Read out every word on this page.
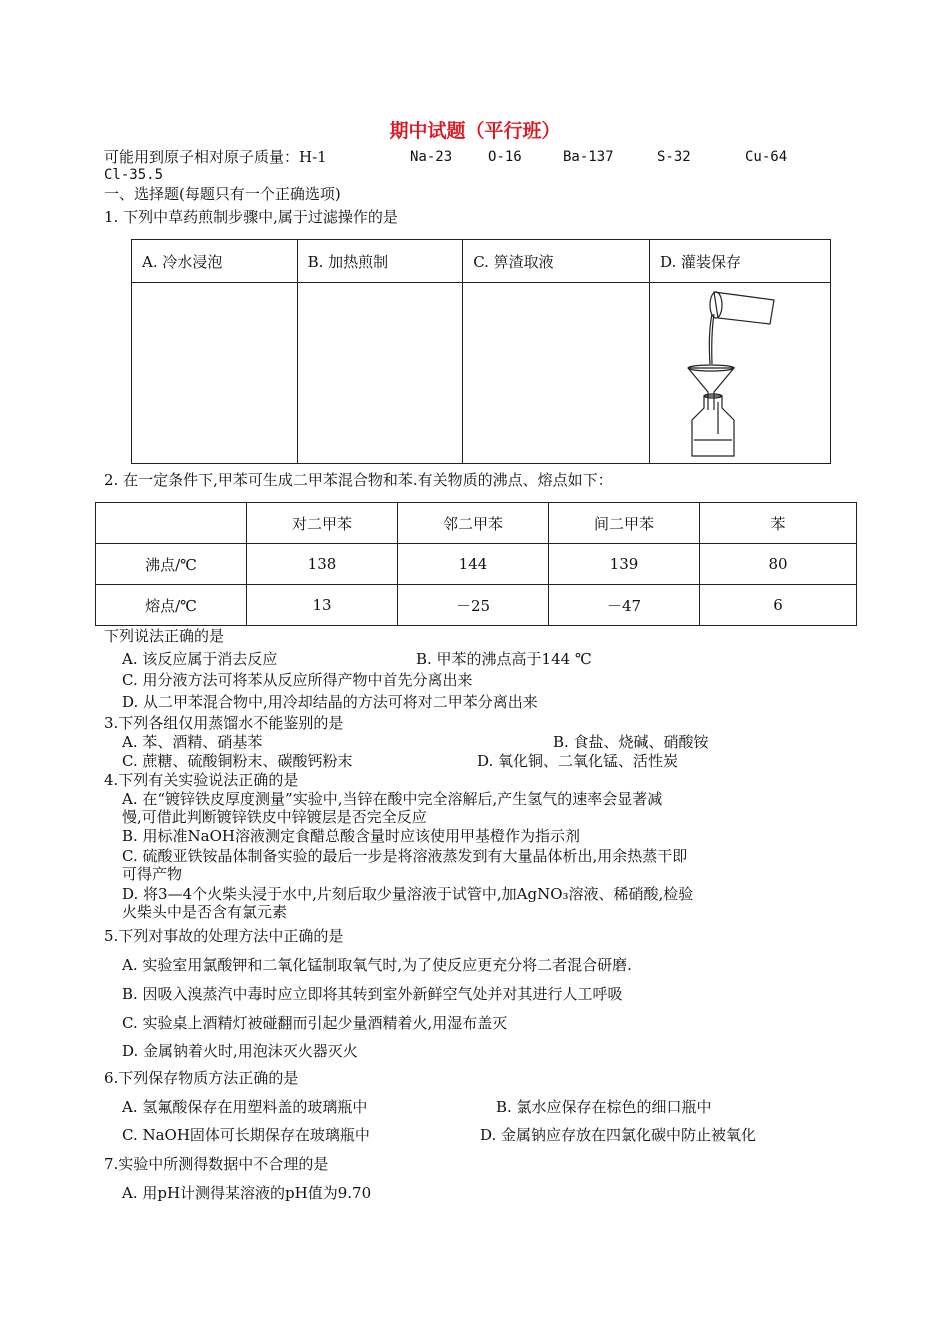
期中试题（平行班）
可能用到原子相对原子质量：H-1	Na-23	O-16	Ba-137	S-32	Cu-64
Cl-35.5
一、选择题(每题只有一个正确选项)
1. 下列中草药煎制步骤中,属于过滤操作的是
A. 冷水浸泡	B. 加热煎制	C. 箅渣取液	D. 灌装保存

2. 在一定条件下,甲苯可生成二甲苯混合物和苯.有关物质的沸点、熔点如下：
	对二甲苯	邻二甲苯	间二甲苯	苯
沸点/℃	138	144	139	80
熔点/℃	13	－25	－47	6
下列说法正确的是
A. 该反应属于消去反应	B. 甲苯的沸点高于144 ℃
C. 用分液方法可将苯从反应所得产物中首先分离出来
D. 从二甲苯混合物中,用冷却结晶的方法可将对二甲苯分离出来
3.下列各组仅用蒸馏水不能鉴别的是
A. 苯、酒精、硝基苯	B. 食盐、烧碱、硝酸铵
C. 蔗糖、硫酸铜粉末、碳酸钙粉末	D. 氧化铜、二氧化锰、活性炭
4.下列有关实验说法正确的是
A. 在“镀锌铁皮厚度测量”实验中,当锌在酸中完全溶解后,产生氢气的速率会显著减
慢,可借此判断镀锌铁皮中锌镀层是否完全反应
B. 用标准NaOH溶液测定食醋总酸含量时应该使用甲基橙作为指示剂
C. 硫酸亚铁铵晶体制备实验的最后一步是将溶液蒸发到有大量晶体析出,用余热蒸干即
可得产物
D. 将3—4个火柴头浸于水中,片刻后取少量溶液于试管中,加AgNO₃溶液、稀硝酸,检验
火柴头中是否含有氯元素
5.下列对事故的处理方法中正确的是
A. 实验室用氯酸钾和二氧化锰制取氧气时,为了使反应更充分将二者混合研磨.
B. 因吸入溴蒸汽中毒时应立即将其转到室外新鲜空气处并对其进行人工呼吸
C. 实验桌上酒精灯被碰翻而引起少量酒精着火,用湿布盖灭
D. 金属钠着火时,用泡沫灭火器灭火
6.下列保存物质方法正确的是
A. 氢氟酸保存在用塑料盖的玻璃瓶中	B. 氯水应保存在棕色的细口瓶中
C. NaOH固体可长期保存在玻璃瓶中	D. 金属钠应存放在四氯化碳中防止被氧化
7.实验中所测得数据中不合理的是
A. 用pH计测得某溶液的pH值为9.70
